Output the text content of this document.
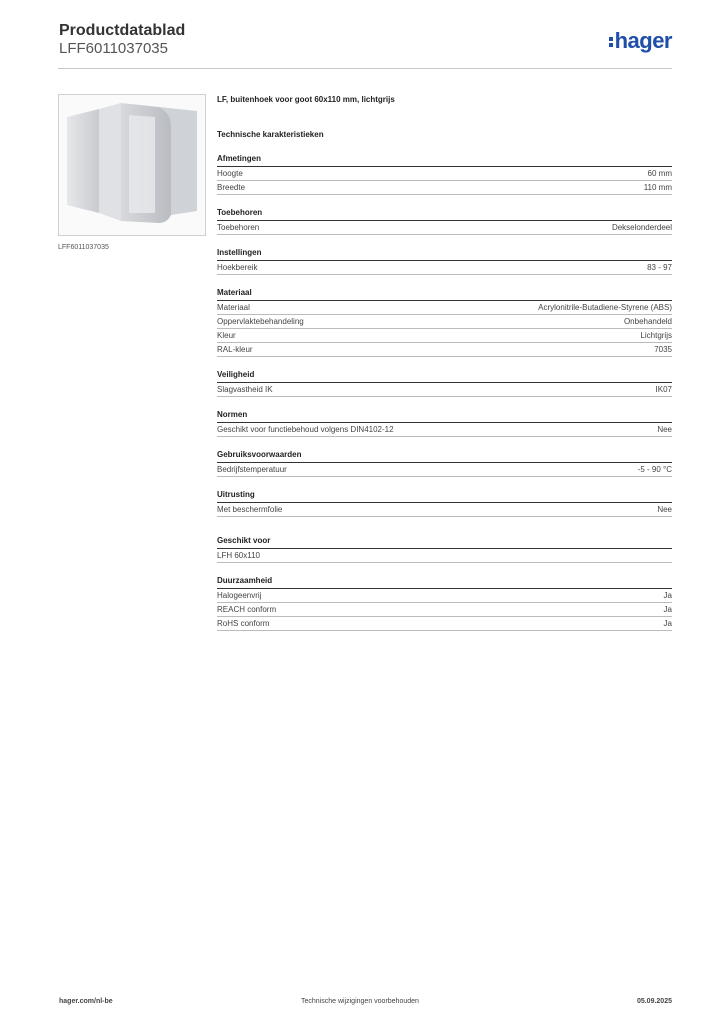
Productdatablad
LFF6011037035	hager
LFF6011037035
LF, buitenhoek voor goot 60x110 mm, lichtgrijs
Technische karakteristieken
Afmetingen
Hoogte	60 mm
Breedte	110 mm
Toebehoren
Toebehoren	Dekselonderdeel
Instellingen
Hoekbereik	83 - 97
Materiaal
Materiaal	Acrylonitrile-Butadiene-Styrene (ABS)
Oppervlaktebehandeling	Onbehandeld
Kleur	Lichtgrijs
RAL-kleur	7035
Veiligheid
Slagvastheid IK	IK07
Normen
Geschikt voor functiebehoud volgens DIN4102-12	Nee
Gebruiksvoorwaarden
Bedrijfstemperatuur	-5 - 90 °C
Uitrusting
Met beschermfolie	Nee
Geschikt voor
LFH 60x110
Duurzaamheid
Halogeenvrij	Ja
REACH conform	Ja
RoHS conform	Ja
hager.com/nl-be	Technische wijzigingen voorbehouden	05.09.2025
